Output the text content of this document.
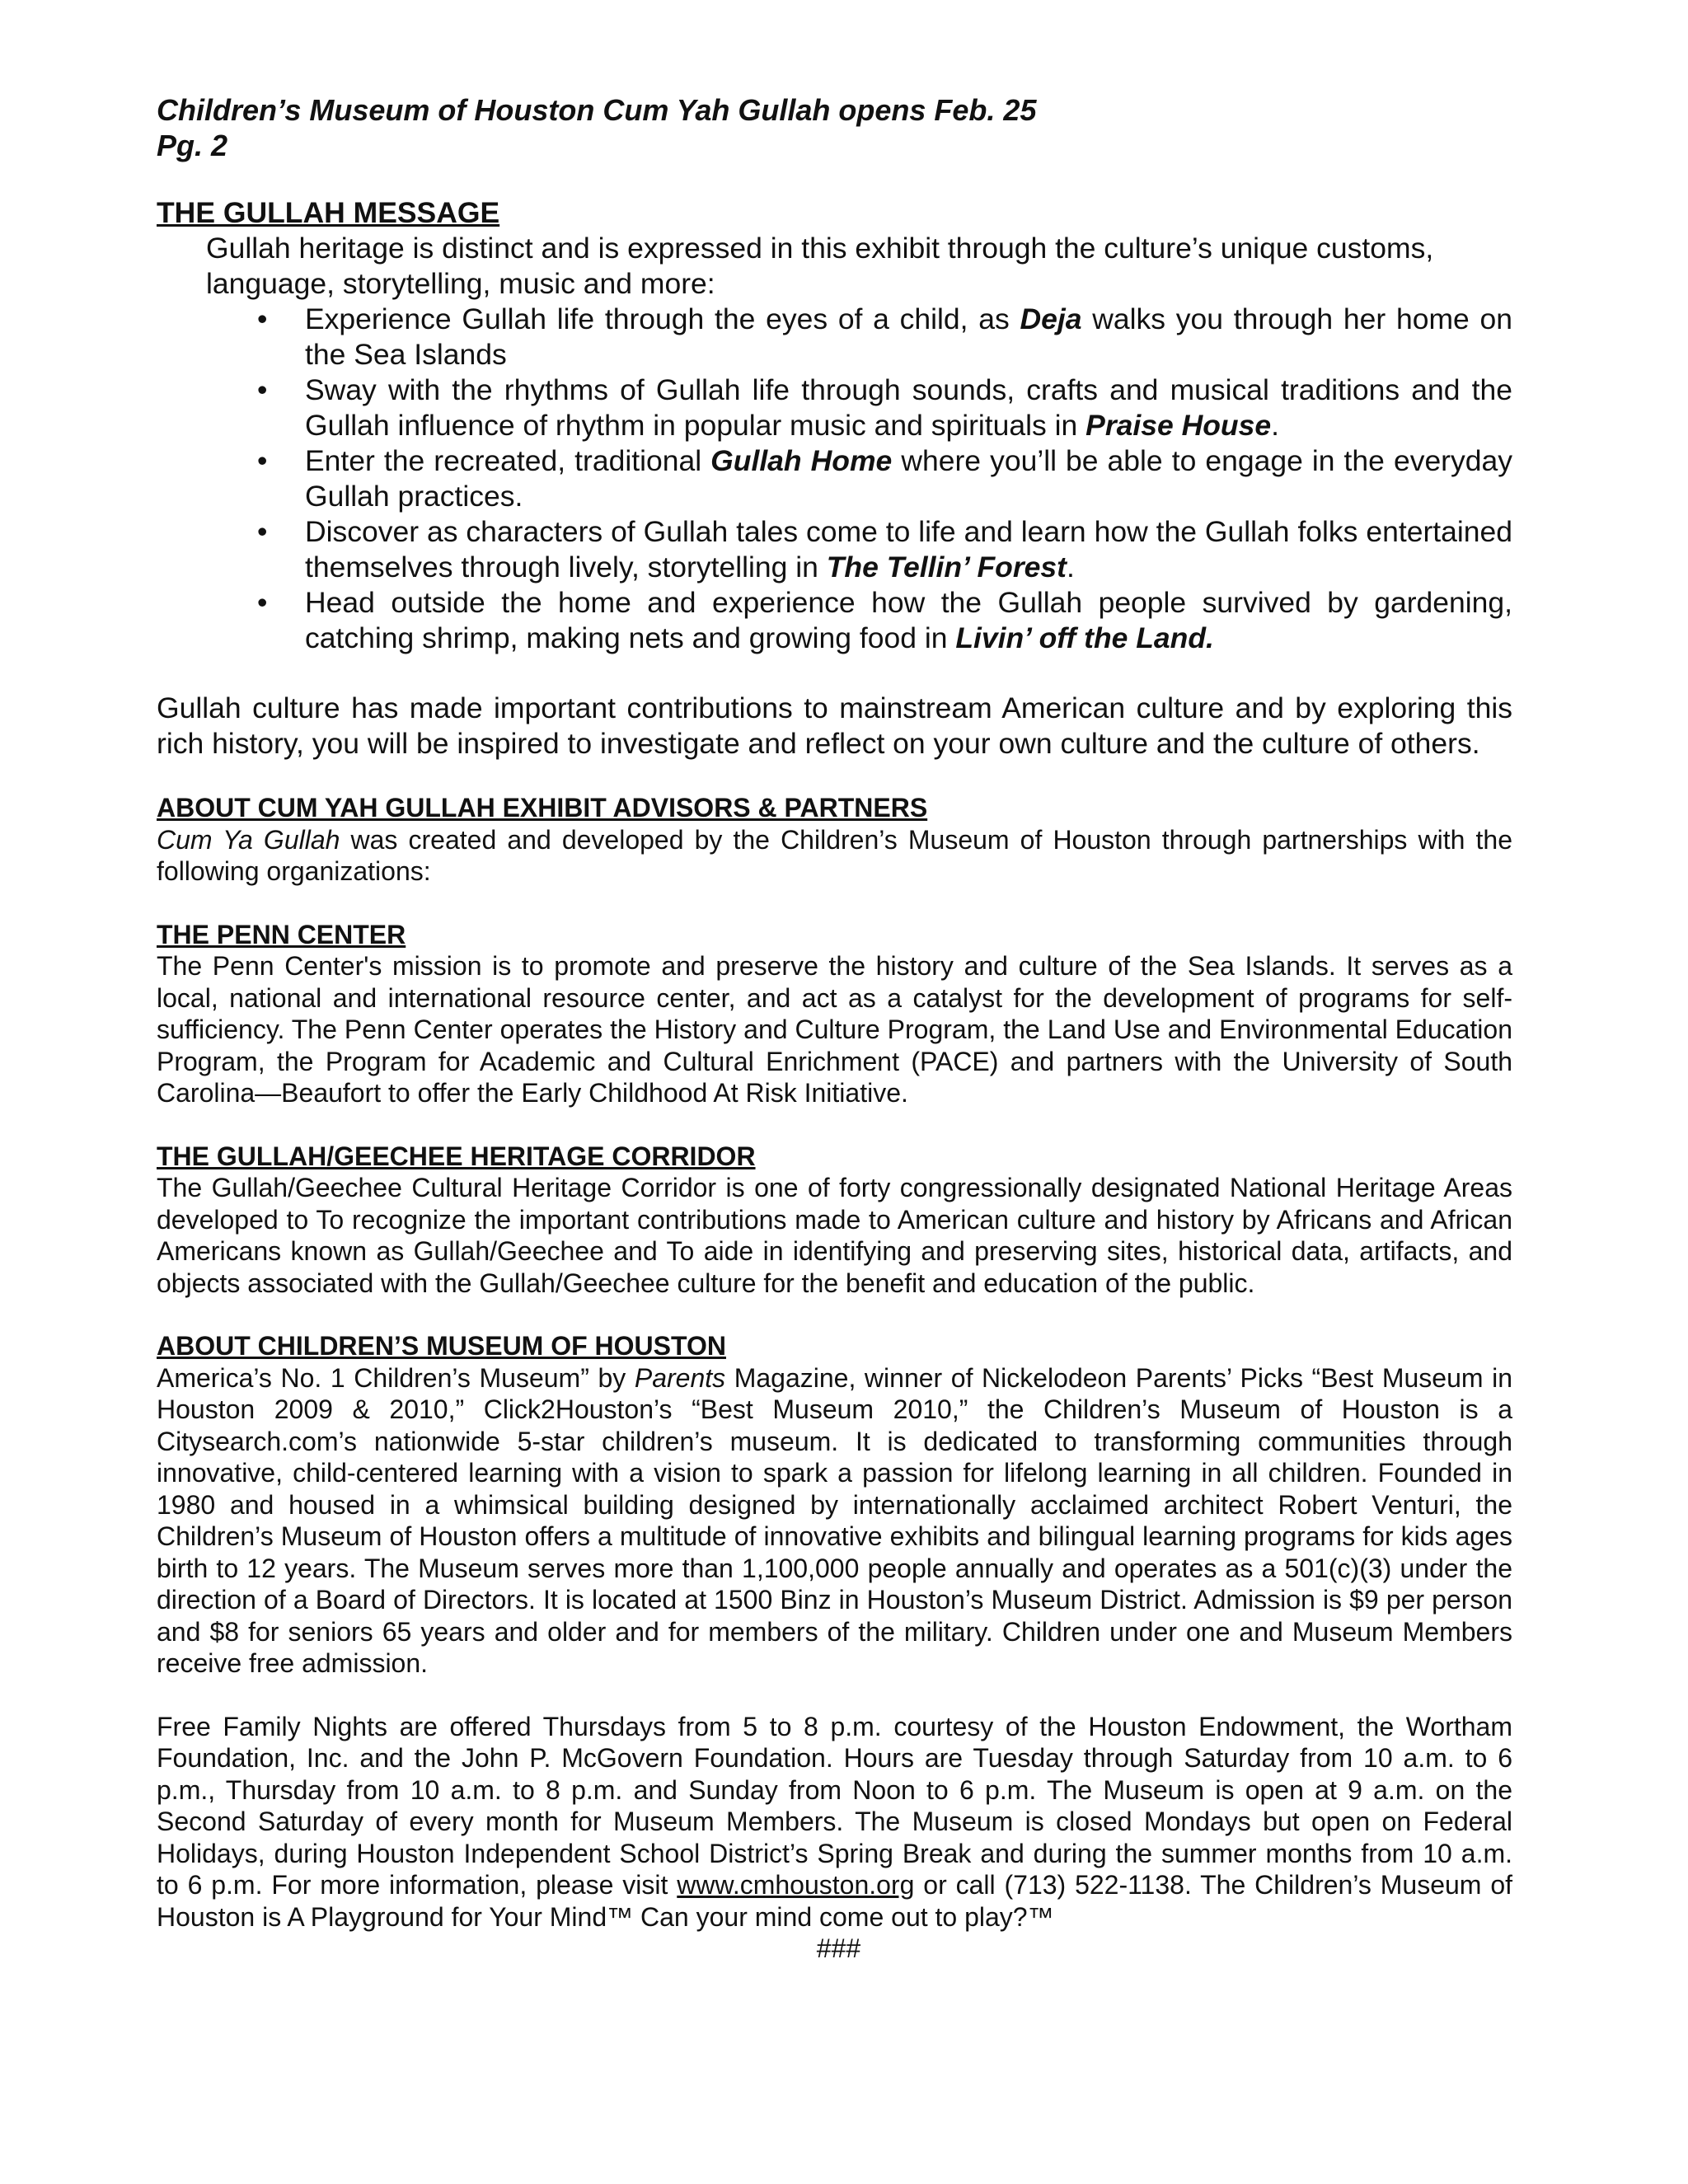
Children’s Museum of Houston Cum Yah Gullah opens Feb. 25
Pg. 2
THE GULLAH MESSAGE
Gullah heritage is distinct and is expressed in this exhibit through the culture’s unique customs, language, storytelling, music and more:
• Experience Gullah life through the eyes of a child, as Deja walks you through her home on the Sea Islands
• Sway with the rhythms of Gullah life through sounds, crafts and musical traditions and the Gullah influence of rhythm in popular music and spirituals in Praise House.
• Enter the recreated, traditional Gullah Home where you’ll be able to engage in the everyday Gullah practices.
• Discover as characters of Gullah tales come to life and learn how the Gullah folks entertained themselves through lively, storytelling in The Tellin’ Forest.
• Head outside the home and experience how the Gullah people survived by gardening, catching shrimp, making nets and growing food in Livin’ off the Land.
Gullah culture has made important contributions to mainstream American culture and by exploring this rich history, you will be inspired to investigate and reflect on your own culture and the culture of others.
ABOUT CUM YAH GULLAH EXHIBIT ADVISORS & PARTNERS
Cum Ya Gullah was created and developed by the Children’s Museum of Houston through partnerships with the following organizations:
THE PENN CENTER
The Penn Center's mission is to promote and preserve the history and culture of the Sea Islands. It serves as a local, national and international resource center, and act as a catalyst for the development of programs for self-sufficiency. The Penn Center operates the History and Culture Program, the Land Use and Environmental Education Program, the Program for Academic and Cultural Enrichment (PACE) and partners with the University of South Carolina—Beaufort to offer the Early Childhood At Risk Initiative.
THE GULLAH/GEECHEE HERITAGE CORRIDOR
The Gullah/Geechee Cultural Heritage Corridor is one of forty congressionally designated National Heritage Areas developed to To recognize the important contributions made to American culture and history by Africans and African Americans known as Gullah/Geechee and To aide in identifying and preserving sites, historical data, artifacts, and objects associated with the Gullah/Geechee culture for the benefit and education of the public.
ABOUT CHILDREN’S MUSEUM OF HOUSTON
America’s No. 1 Children’s Museum” by Parents Magazine, winner of Nickelodeon Parents’ Picks “Best Museum in Houston 2009 & 2010,” Click2Houston’s “Best Museum 2010,” the Children’s Museum of Houston is a Citysearch.com’s nationwide 5-star children’s museum. It is dedicated to transforming communities through innovative, child-centered learning with a vision to spark a passion for lifelong learning in all children. Founded in 1980 and housed in a whimsical building designed by internationally acclaimed architect Robert Venturi, the Children’s Museum of Houston offers a multitude of innovative exhibits and bilingual learning programs for kids ages birth to 12 years. The Museum serves more than 1,100,000 people annually and operates as a 501(c)(3) under the direction of a Board of Directors. It is located at 1500 Binz in Houston’s Museum District. Admission is $9 per person and $8 for seniors 65 years and older and for members of the military. Children under one and Museum Members receive free admission.
Free Family Nights are offered Thursdays from 5 to 8 p.m. courtesy of the Houston Endowment, the Wortham Foundation, Inc. and the John P. McGovern Foundation. Hours are Tuesday through Saturday from 10 a.m. to 6 p.m., Thursday from 10 a.m. to 8 p.m. and Sunday from Noon to 6 p.m. The Museum is open at 9 a.m. on the Second Saturday of every month for Museum Members. The Museum is closed Mondays but open on Federal Holidays, during Houston Independent School District’s Spring Break and during the summer months from 10 a.m. to 6 p.m. For more information, please visit www.cmhouston.org or call (713) 522-1138. The Children’s Museum of Houston is A Playground for Your Mind™ Can your mind come out to play?™
###
